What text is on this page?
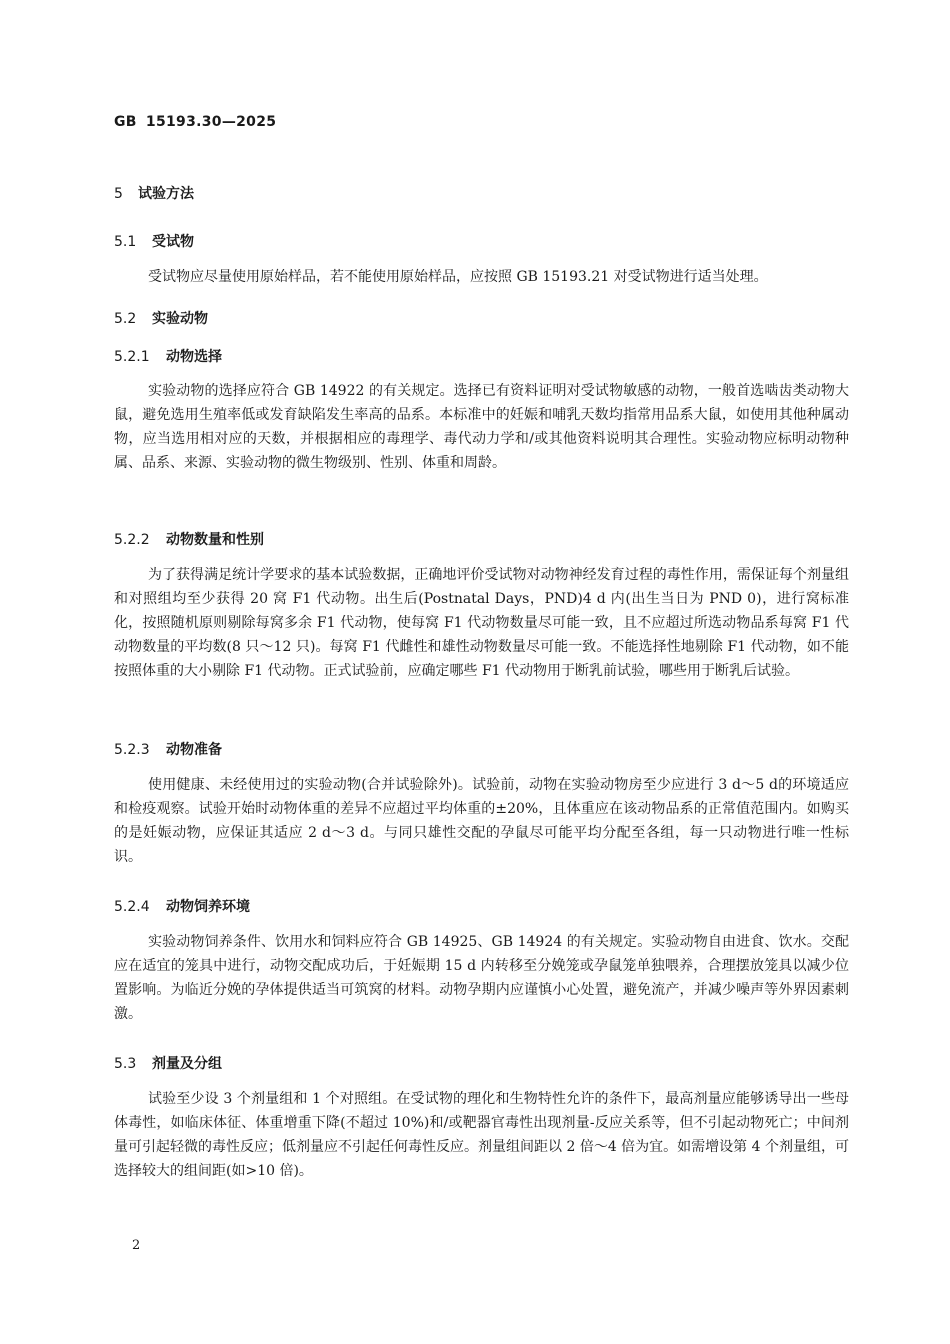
GB 15193.30—2025
5 试验方法
5.1 受试物

受试物应尽量使用原始样品，若不能使用原始样品，应按照 GB 15193.21 对受试物进行适当处理。

5.2 实验动物
5.2.1 动物选择

实验动物的选择应符合 GB 14922 的有关规定。选择已有资料证明对受试物敏感的动物，一般首选啮齿类动物大鼠，避免选用生殖率低或发育缺陷发生率高的品系。本标准中的妊娠和哺乳天数均指常用品系大鼠，如使用其他种属动物，应当选用相对应的天数，并根据相应的毒理学、毒代动力学和/或其他资料说明其合理性。实验动物应标明动物种属、品系、来源、实验动物的微生物级别、性别、体重和周龄。

5.2.2 动物数量和性别

为了获得满足统计学要求的基本试验数据，正确地评价受试物对动物神经发育过程的毒性作用，需保证每个剂量组和对照组均至少获得 20 窝 F1 代动物。出生后(Postnatal Days，PND)4 d 内(出生当日为 PND 0)，进行窝标准化，按照随机原则剔除每窝多余 F1 代动物，使每窝 F1 代动物数量尽可能一致，且不应超过所选动物品系每窝 F1 代动物数量的平均数(8 只～12 只)。每窝 F1 代雌性和雄性动物数量尽可能一致。不能选择性地剔除 F1 代动物，如不能按照体重的大小剔除 F1 代动物。正式试验前，应确定哪些 F1 代动物用于断乳前试验，哪些用于断乳后试验。

5.2.3 动物准备

使用健康、未经使用过的实验动物(合并试验除外)。试验前，动物在实验动物房至少应进行 3 d～5 d的环境适应和检疫观察。试验开始时动物体重的差异不应超过平均体重的±20%，且体重应在该动物品系的正常值范围内。如购买的是妊娠动物，应保证其适应 2 d～3 d。与同只雄性交配的孕鼠尽可能平均分配至各组，每一只动物进行唯一性标识。

5.2.4 动物饲养环境

实验动物饲养条件、饮用水和饲料应符合 GB 14925、GB 14924 的有关规定。实验动物自由进食、饮水。交配应在适宜的笼具中进行，动物交配成功后，于妊娠期 15 d 内转移至分娩笼或孕鼠笼单独喂养，合理摆放笼具以减少位置影响。为临近分娩的孕体提供适当可筑窝的材料。动物孕期内应谨慎小心处置，避免流产，并减少噪声等外界因素刺激。

5.3 剂量及分组

试验至少设 3 个剂量组和 1 个对照组。在受试物的理化和生物特性允许的条件下，最高剂量应能够诱导出一些母体毒性，如临床体征、体重增重下降(不超过 10%)和/或靶器官毒性出现剂量-反应关系等，但不引起动物死亡；中间剂量可引起轻微的毒性反应；低剂量应不引起任何毒性反应。剂量组间距以 2 倍～4 倍为宜。如需增设第 4 个剂量组，可选择较大的组间距(如>10 倍)。

2
